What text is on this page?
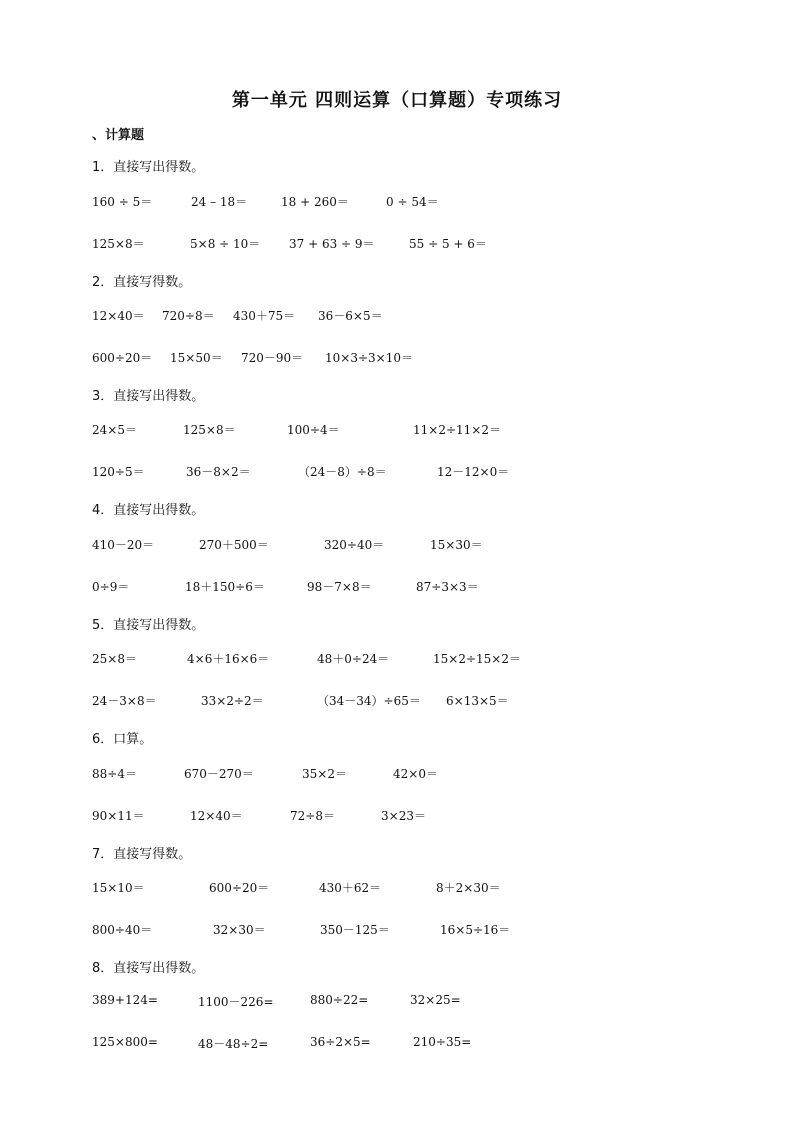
第一单元 四则运算（口算题）专项练习
、计算题
1．直接写出得数。
160 ÷ 5＝	24 – 18＝	18 + 260＝	0 ÷ 54＝
125×8＝	5×8 ÷ 10＝ 37 + 63 ÷ 9＝	55 ÷ 5 + 6＝
2．直接写得数。
12×40＝ 720÷8＝ 430＋75＝ 36－6×5＝
600÷20＝ 15×50＝ 720－90＝ 10×3÷3×10＝
3．直接写出得数。
24×5＝	125×8＝	100÷4＝	11×2÷11×2＝
120÷5＝	36－8×2＝	（24－8）÷8＝	12－12×0＝
4．直接写出得数。
410－20＝	270＋500＝	320÷40＝	15×30＝
0÷9＝	18＋150÷6＝	98－7×8＝	87÷3×3＝
5．直接写出得数。
25×8＝	4×6＋16×6＝	48＋0÷24＝	15×2÷15×2＝
24－3×8＝	33×2÷2＝	（34－34）÷65＝ 6×13×5＝
6．口算。
88÷4＝	670－270＝	35×2＝	42×0＝
90×11＝	12×40＝	72÷8＝	3×23＝
7．直接写得数。
15×10＝	600÷20＝	430＋62＝	8＋2×30＝
800÷40＝	32×30＝	350－125＝	16×5÷16＝
8．直接写出得数。
389+124=	1100－226=	880÷22=	32×25=
125×800=	48－48÷2=	36÷2×5=	210÷35=
